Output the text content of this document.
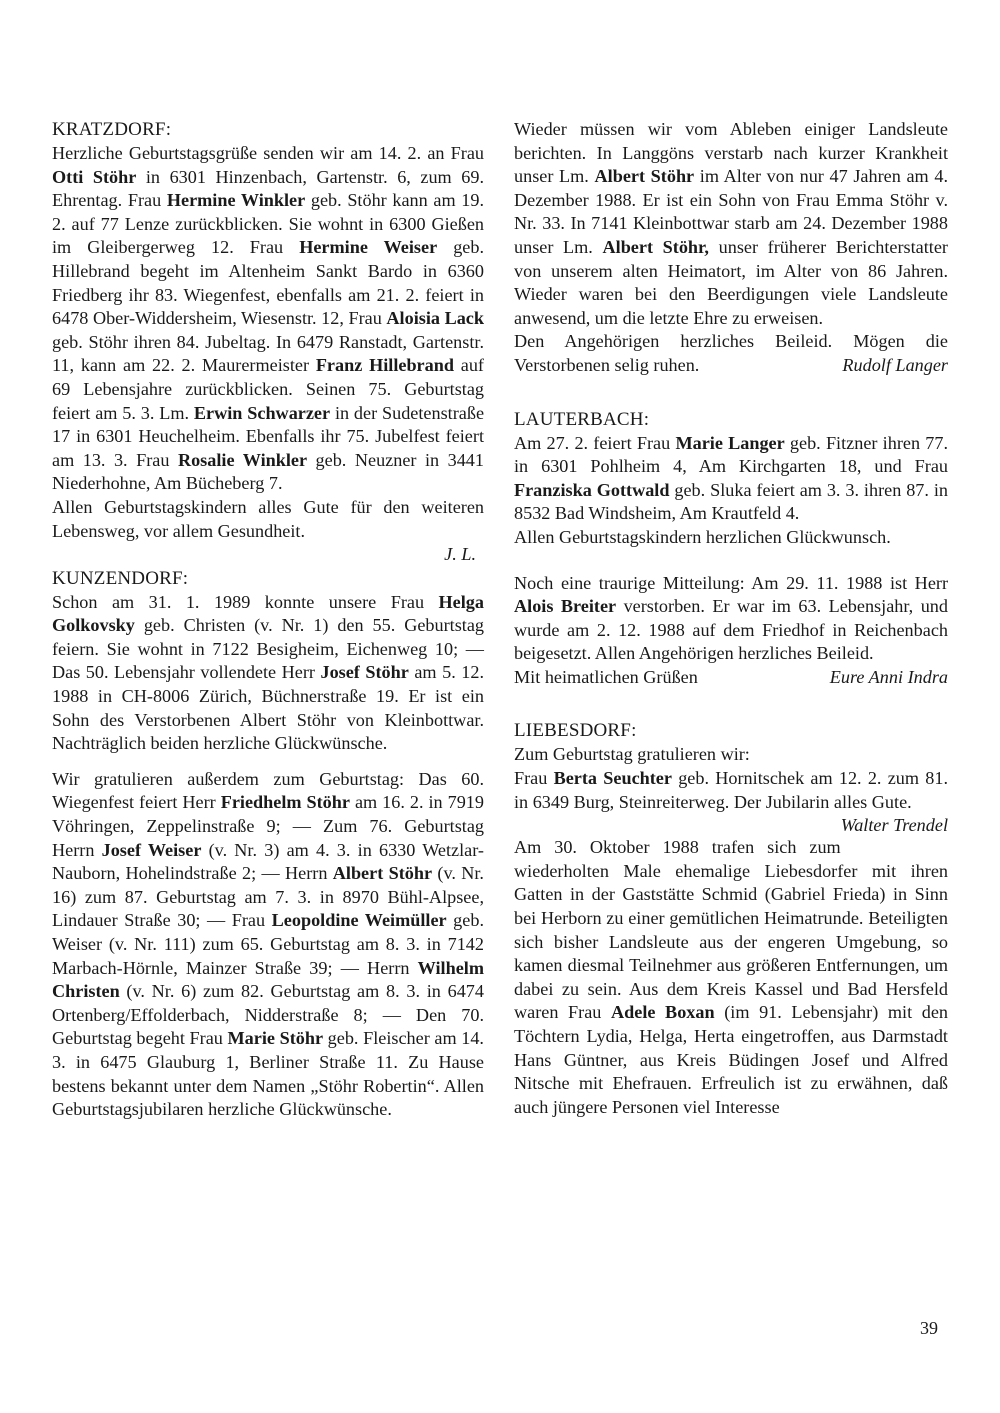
KRATZDORF:

Herzliche Geburtstagsgrüße senden wir am 14. 2. an Frau Otti Stöhr in 6301 Hinzenbach, Gartenstr. 6, zum 69. Ehrentag. Frau Hermine Winkler geb. Stöhr kann am 19. 2. auf 77 Lenze zurückblicken. Sie wohnt in 6300 Gießen im Gleibergerweg 12. Frau Hermine Weiser geb. Hillebrand begeht im Altenheim Sankt Bardo in 6360 Friedberg ihr 83. Wiegenfest, ebenfalls am 21. 2. feiert in 6478 Ober-Widdersheim, Wiesenstr. 12, Frau Aloisia Lack geb. Stöhr ihren 84. Jubeltag. In 6479 Ranstadt, Gartenstr. 11, kann am 22. 2. Maurermeister Franz Hillebrand auf 69 Lebensjahre zurückblicken. Seinen 75. Geburtstag feiert am 5. 3. Lm. Erwin Schwarzer in der Sudetenstraße 17 in 6301 Heuchelheim. Ebenfalls ihr 75. Jubelfest feiert am 13. 3. Frau Rosalie Winkler geb. Neuzner in 3441 Niederhohne, Am Bücheberg 7.

Allen Geburtstagskindern alles Gute für den weiteren Lebensweg, vor allem Gesundheit.

J. L.

KUNZENDORF:

Schon am 31. 1. 1989 konnte unsere Frau Helga Golkovsky geb. Christen (v. Nr. 1) den 55. Geburtstag feiern. Sie wohnt in 7122 Besigheim, Eichenweg 10; — Das 50. Lebensjahr vollendete Herr Josef Stöhr am 5. 12. 1988 in CH-8006 Zürich, Büchnerstraße 19. Er ist ein Sohn des Verstorbenen Albert Stöhr von Kleinbottwar. Nachträglich beiden herzliche Glückwünsche.

Wir gratulieren außerdem zum Geburtstag: Das 60. Wiegenfest feiert Herr Friedhelm Stöhr am 16. 2. in 7919 Vöhringen, Zeppelinstraße 9; — Zum 76. Geburtstag Herrn Josef Weiser (v. Nr. 3) am 4. 3. in 6330 Wetzlar-Nauborn, Hohelindstraße 2; — Herrn Albert Stöhr (v. Nr. 16) zum 87. Geburtstag am 7. 3. in 8970 Bühl-Alpsee, Lindauer Straße 30; — Frau Leopoldine Weimüller geb. Weiser (v. Nr. 111) zum 65. Geburtstag am 8. 3. in 7142 Marbach-Hörnle, Mainzer Straße 39; — Herrn Wilhelm Christen (v. Nr. 6) zum 82. Geburtstag am 8. 3. in 6474 Ortenberg/Effolderbach, Nidderstraße 8; — Den 70. Geburtstag begeht Frau Marie Stöhr geb. Fleischer am 14. 3. in 6475 Glauburg 1, Berliner Straße 11. Zu Hause bestens bekannt unter dem Namen „Stöhr Robertin“. Allen Geburtstagsjubilaren herzliche Glückwünsche.

Wieder müssen wir vom Ableben einiger Landsleute berichten. In Langgöns verstarb nach kurzer Krankheit unser Lm. Albert Stöhr im Alter von nur 47 Jahren am 4. Dezember 1988. Er ist ein Sohn von Frau Emma Stöhr v. Nr. 33. In 7141 Kleinbottwar starb am 24. Dezember 1988 unser Lm. Albert Stöhr, unser früherer Berichterstatter von unserem alten Heimatort, im Alter von 86 Jahren. Wieder waren bei den Beerdigungen viele Landsleute anwesend, um die letzte Ehre zu erweisen.

Den Angehörigen herzliches Beileid. Mögen die Verstorbenen selig ruhen.	Rudolf Langer

LAUTERBACH:

Am 27. 2. feiert Frau Marie Langer geb. Fitzner ihren 77. in 6301 Pohlheim 4, Am Kirchgarten 18, und Frau Franziska Gottwald geb. Sluka feiert am 3. 3. ihren 87. in 8532 Bad Windsheim, Am Krautfeld 4.

Allen Geburtstagskindern herzlichen Glückwunsch.

Noch eine traurige Mitteilung: Am 29. 11. 1988 ist Herr Alois Breiter verstorben. Er war im 63. Lebensjahr, und wurde am 2. 12. 1988 auf dem Friedhof in Reichenbach beigesetzt. Allen Angehörigen herzliches Beileid.

Mit heimatlichen Grüßen	Eure Anni Indra
LIEBESDORF:

Zum Geburtstag gratulieren wir:

Frau Berta Seuchter geb. Hornitschek am 12. 2. zum 81. in 6349 Burg, Steinreiterweg. Der Jubilarin alles Gute.
Walter Trendel

Am 30. Oktober 1988 trafen sich zum wiederholten Male ehemalige Liebesdorfer mit ihren Gatten in der Gaststätte Schmid (Gabriel Frieda) in Sinn bei Herborn zu einer gemütlichen Heimatrunde. Beteiligten sich bisher Landsleute aus der engeren Umgebung, so kamen diesmal Teilnehmer aus größeren Entfernungen, um dabei zu sein. Aus dem Kreis Kassel und Bad Hersfeld waren Frau Adele Boxan (im 91. Lebensjahr) mit den Töchtern Lydia, Helga, Herta eingetroffen, aus Darmstadt Hans Güntner, aus Kreis Büdingen Josef und Alfred Nitsche mit Ehefrauen. Erfreulich ist zu erwähnen, daß auch jüngere Personen viel Interesse

39
